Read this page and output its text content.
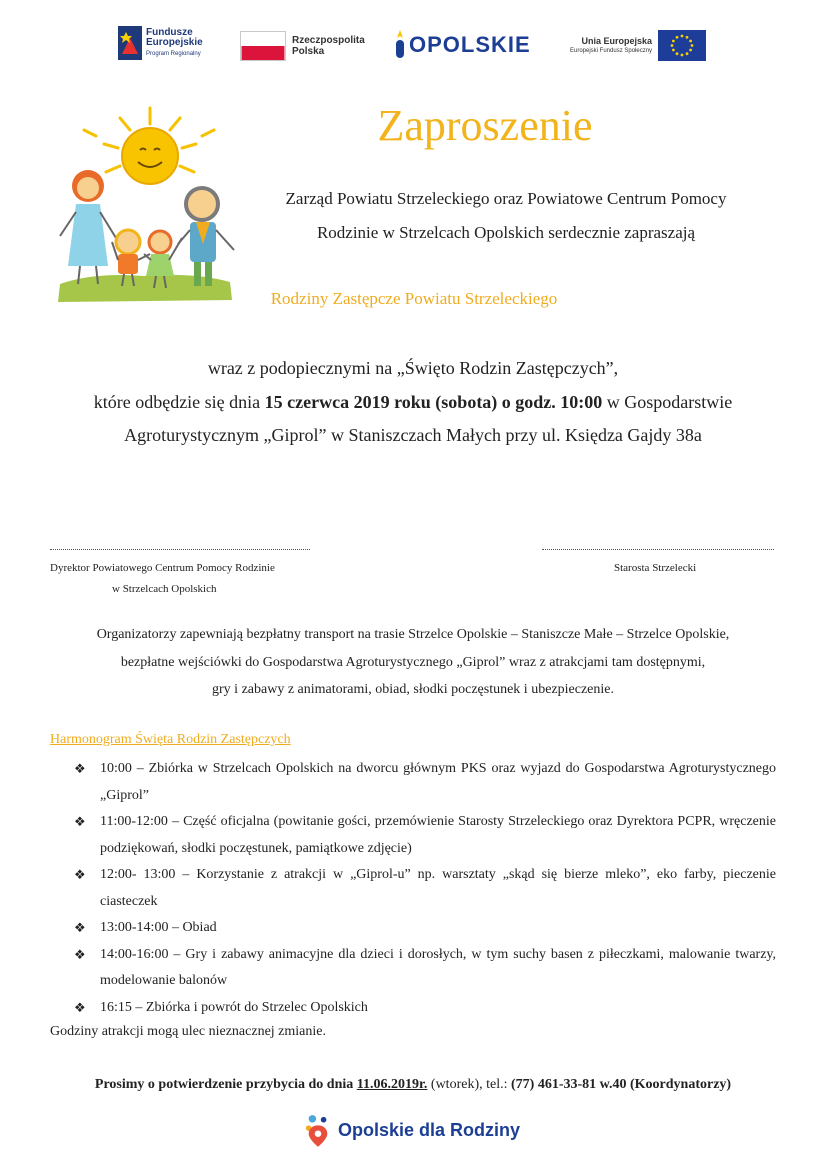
Fundusze
Europejskie
Program Regionalny
Rzeczpospolita
Polska	OPOLSKIE	Unia Europejska
Europejski Fundusz Społeczny
Zaproszenie
Zarząd Powiatu Strzeleckiego oraz Powiatowe Centrum Pomocy
Rodzinie w Strzelcach Opolskich serdecznie zapraszają
Rodziny Zastępcze Powiatu Strzeleckiego
wraz z podopiecznymi na „Święto Rodzin Zastępczych”,
które odbędzie się dnia 15 czerwca 2019 roku (sobota) o godz. 10:00 w Gospodarstwie
Agroturystycznym „Giprol” w Staniszczach Małych przy ul. Księdza Gajdy 38a
Dyrektor Powiatowego Centrum Pomocy Rodzinie
w Strzelcach Opolskich
Starosta Strzelecki
Organizatorzy zapewniają bezpłatny transport na trasie Strzelce Opolskie – Staniszcze Małe – Strzelce Opolskie,
bezpłatne wejściówki do Gospodarstwa Agroturystycznego „Giprol” wraz z atrakcjami tam dostępnymi,
gry i zabawy z animatorami, obiad, słodki poczęstunek i ubezpieczenie.
Harmonogram Święta Rodzin Zastępczych
❖ 10:00 – Zbiórka w Strzelcach Opolskich na dworcu głównym PKS oraz wyjazd do Gospodarstwa Agroturystycznego „Giprol”
❖ 11:00-12:00 – Część oficjalna (powitanie gości, przemówienie Starosty Strzeleckiego oraz Dyrektora PCPR, wręczenie podziękowań, słodki poczęstunek, pamiątkowe zdjęcie)
❖ 12:00- 13:00 – Korzystanie z atrakcji w „Giprol-u” np. warsztaty „skąd się bierze mleko”, eko farby, pieczenie ciasteczek
❖ 13:00-14:00 – Obiad
❖ 14:00-16:00 – Gry i zabawy animacyjne dla dzieci i dorosłych, w tym suchy basen z piłeczkami, malowanie twarzy, modelowanie balonów
❖ 16:15 – Zbiórka i powrót do Strzelec Opolskich
Godziny atrakcji mogą ulec nieznacznej zmianie.
Prosimy o potwierdzenie przybycia do dnia 11.06.2019r. (wtorek), tel.: (77) 461-33-81 w.40 (Koordynatorzy)
Opolskie dla Rodziny
